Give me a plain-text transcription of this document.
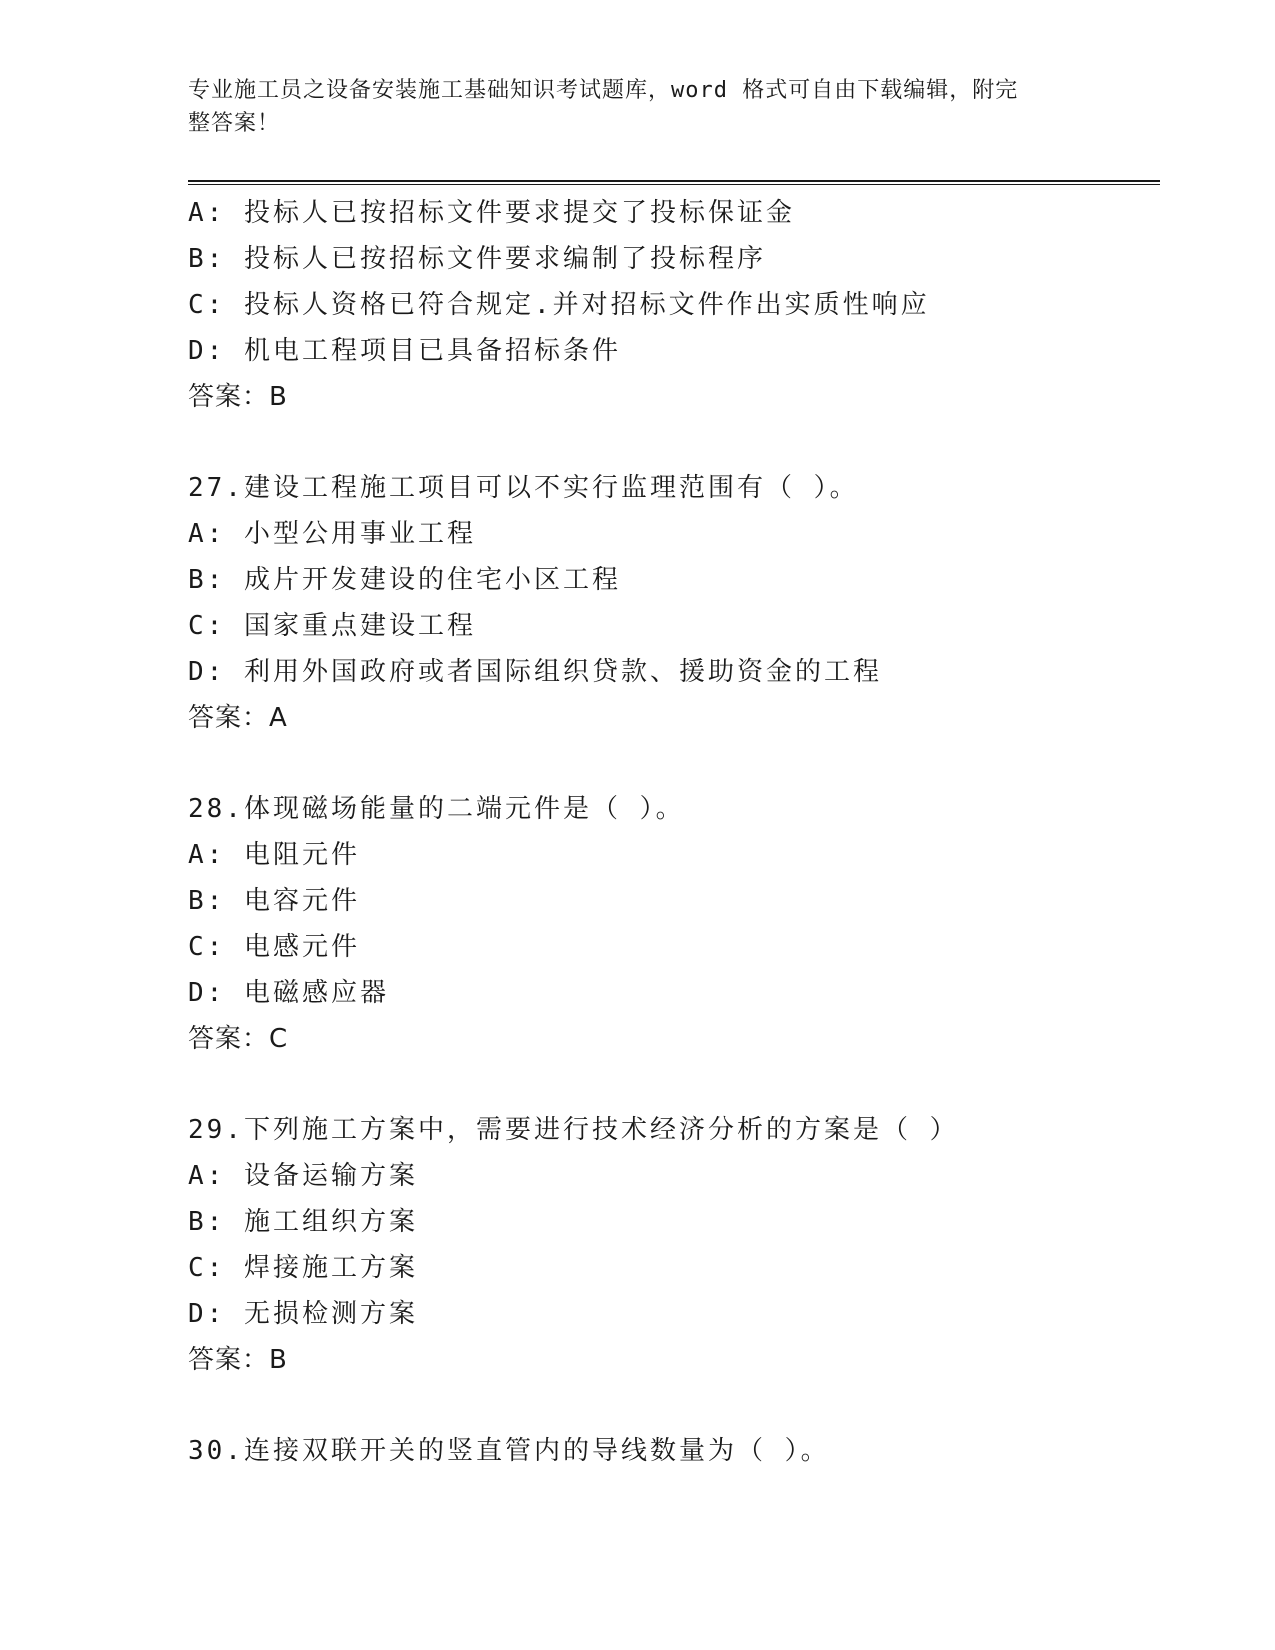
专业施工员之设备安装施工基础知识考试题库，word 格式可自由下载编辑，附完
整答案！
A: 投标人已按招标文件要求提交了投标保证金
B: 投标人已按招标文件要求编制了投标程序
C: 投标人资格已符合规定.并对招标文件作出实质性响应
D: 机电工程项目已具备招标条件
答案：B
27.建设工程施工项目可以不实行监理范围有（ ）。
A: 小型公用事业工程
B: 成片开发建设的住宅小区工程
C: 国家重点建设工程
D: 利用外国政府或者国际组织贷款、援助资金的工程
答案：A
28.体现磁场能量的二端元件是（ ）。
A: 电阻元件
B: 电容元件
C: 电感元件
D: 电磁感应器
答案：C
29.下列施工方案中，需要进行技术经济分析的方案是（ ）
A: 设备运输方案
B: 施工组织方案
C: 焊接施工方案
D: 无损检测方案
答案：B
30.连接双联开关的竖直管内的导线数量为（ ）。
